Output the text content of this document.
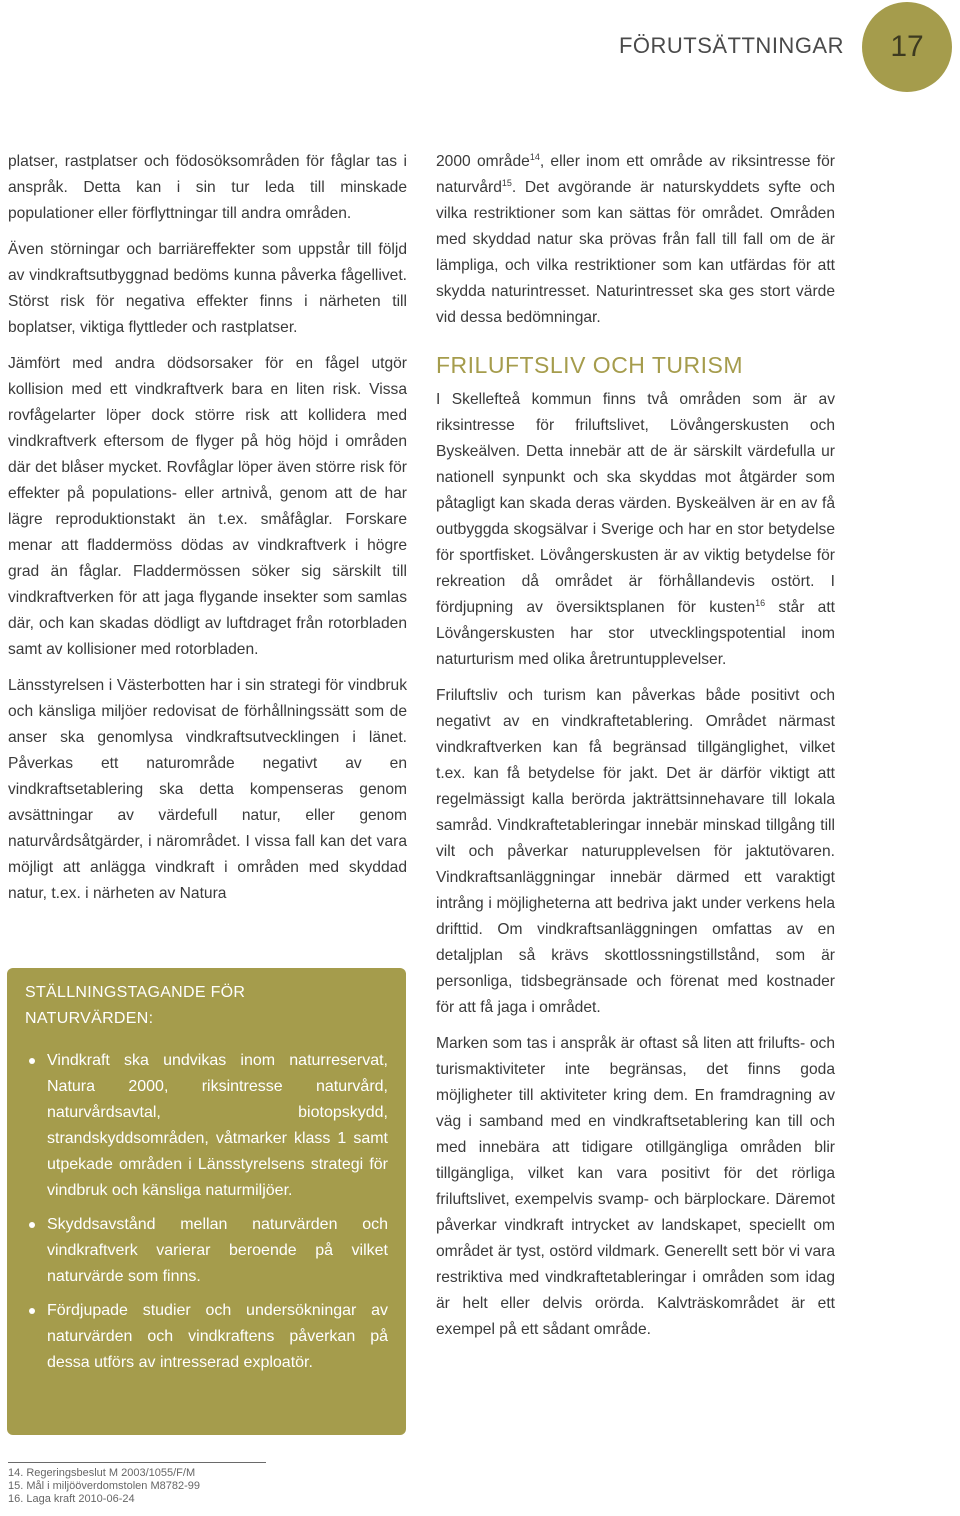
FÖRUTSÄTTNINGAR 17

platser, rastplatser och födosöksområden för fåglar tas i anspråk. Detta kan i sin tur leda till minskade populationer eller förflyttningar till andra områden.

Även störningar och barriäreffekter som uppstår till följd av vindkraftsutbyggnad bedöms kunna påverka fågellivet. Störst risk för negativa effekter finns i närheten till boplatser, viktiga flyttleder och rastplatser.

Jämfört med andra dödsorsaker för en fågel utgör kollision med ett vindkraftverk bara en liten risk. Vissa rovfågelarter löper dock större risk att kollidera med vindkraftverk eftersom de flyger på hög höjd i områden där det blåser mycket. Rovfåglar löper även större risk för effekter på populations- eller artnivå, genom att de har lägre reproduktionstakt än t.ex. småfåglar. Forskare menar att fladdermöss dödas av vindkraftverk i högre grad än fåglar. Fladdermössen söker sig särskilt till vindkraftverken för att jaga flygande insekter som samlas där, och kan skadas dödligt av luftdraget från rotorbladen samt av kollisioner med rotorbladen.

Länsstyrelsen i Västerbotten har i sin strategi för vindbruk och känsliga miljöer redovisat de förhållningssätt som de anser ska genomlysa vindkraftsutvecklingen i länet. Påverkas ett naturområde negativt av en vindkraftsetablering ska detta kompenseras genom avsättningar av värdefull natur, eller genom naturvårdsåtgärder, i närområdet. I vissa fall kan det vara möjligt att anlägga vindkraft i områden med skyddad natur, t.ex. i närheten av Natura

STÄLLNINGSTAGANDE FÖR
NATURVÄRDEN:
Vindkraft ska undvikas inom naturreservat, Natura 2000, riksintresse naturvård, naturvårdsavtal, biotopskydd, strandskyddsområden, våtmarker klass 1 samt utpekade områden i Länsstyrelsens strategi för vindbruk och känsliga naturmiljöer.
Skyddsavstånd mellan naturvärden och vindkraftverk varierar beroende på vilket naturvärde som finns.
Fördjupade studier och undersökningar av naturvärden och vindkraftens påverkan på dessa utförs av intresserad exploatör.

2000 område$^{14}$, eller inom ett område av riksintresse för naturvård$^{15}$. Det avgörande är naturskyddets syfte och vilka restriktioner som kan sättas för området. Områden med skyddad natur ska prövas från fall till fall om de är lämpliga, och vilka restriktioner som kan utfärdas för att skydda naturintresset. Naturintresset ska ges stort värde vid dessa bedömningar.

FRILUFTSLIV OCH TURISM

I Skellefteå kommun finns två områden som är av riksintresse för friluftslivet, Lövångerskusten och Byskeälven. Detta innebär att de är särskilt värdefulla ur nationell synpunkt och ska skyddas mot åtgärder som påtagligt kan skada deras värden. Byskeälven är en av få outbyggda skogsälvar i Sverige och har en stor betydelse för sportfisket. Lövångerskusten är av viktig betydelse för rekreation då området är förhållandevis ostört. I fördjupning av översiktsplanen för kusten$^{16}$ står att Lövångerskusten har stor utvecklingspotential inom naturturism med olika åretruntupplevelser.

Friluftsliv och turism kan påverkas både positivt och negativt av en vindkraftetablering. Området närmast vindkraftverken kan få begränsad tillgänglighet, vilket t.ex. kan få betydelse för jakt. Det är därför viktigt att regelmässigt kalla berörda jakträttsinnehavare till lokala samråd. Vindkraftetableringar innebär minskad tillgång till vilt och påverkar naturupplevelsen för jaktutövaren. Vindkraftsanläggningar innebär därmed ett varaktigt intrång i möjligheterna att bedriva jakt under verkens hela drifttid. Om vindkraftsanläggningen omfattas av en detaljplan så krävs skottlossningstillstånd, som är personliga, tidsbegränsade och förenat med kostnader för att få jaga i området.

Marken som tas i anspråk är oftast så liten att frilufts- och turismaktiviteter inte begränsas, det finns goda möjligheter till aktiviteter kring dem. En framdragning av väg i samband med en vindkraftsetablering kan till och med innebära att tidigare otillgängliga områden blir tillgängliga, vilket kan vara positivt för det rörliga friluftslivet, exempelvis svamp- och bärplockare. Däremot påverkar vindkraft intrycket av landskapet, speciellt om området är tyst, ostörd vildmark. Generellt sett bör vi vara restriktiva med vindkraftetableringar i områden som idag är helt eller delvis orörda. Kalvträskområdet är ett exempel på ett sådant område.

14. Regeringsbeslut M 2003/1055/F/M
15. Mål i miljööverdomstolen M8782-99
16. Laga kraft 2010-06-24
